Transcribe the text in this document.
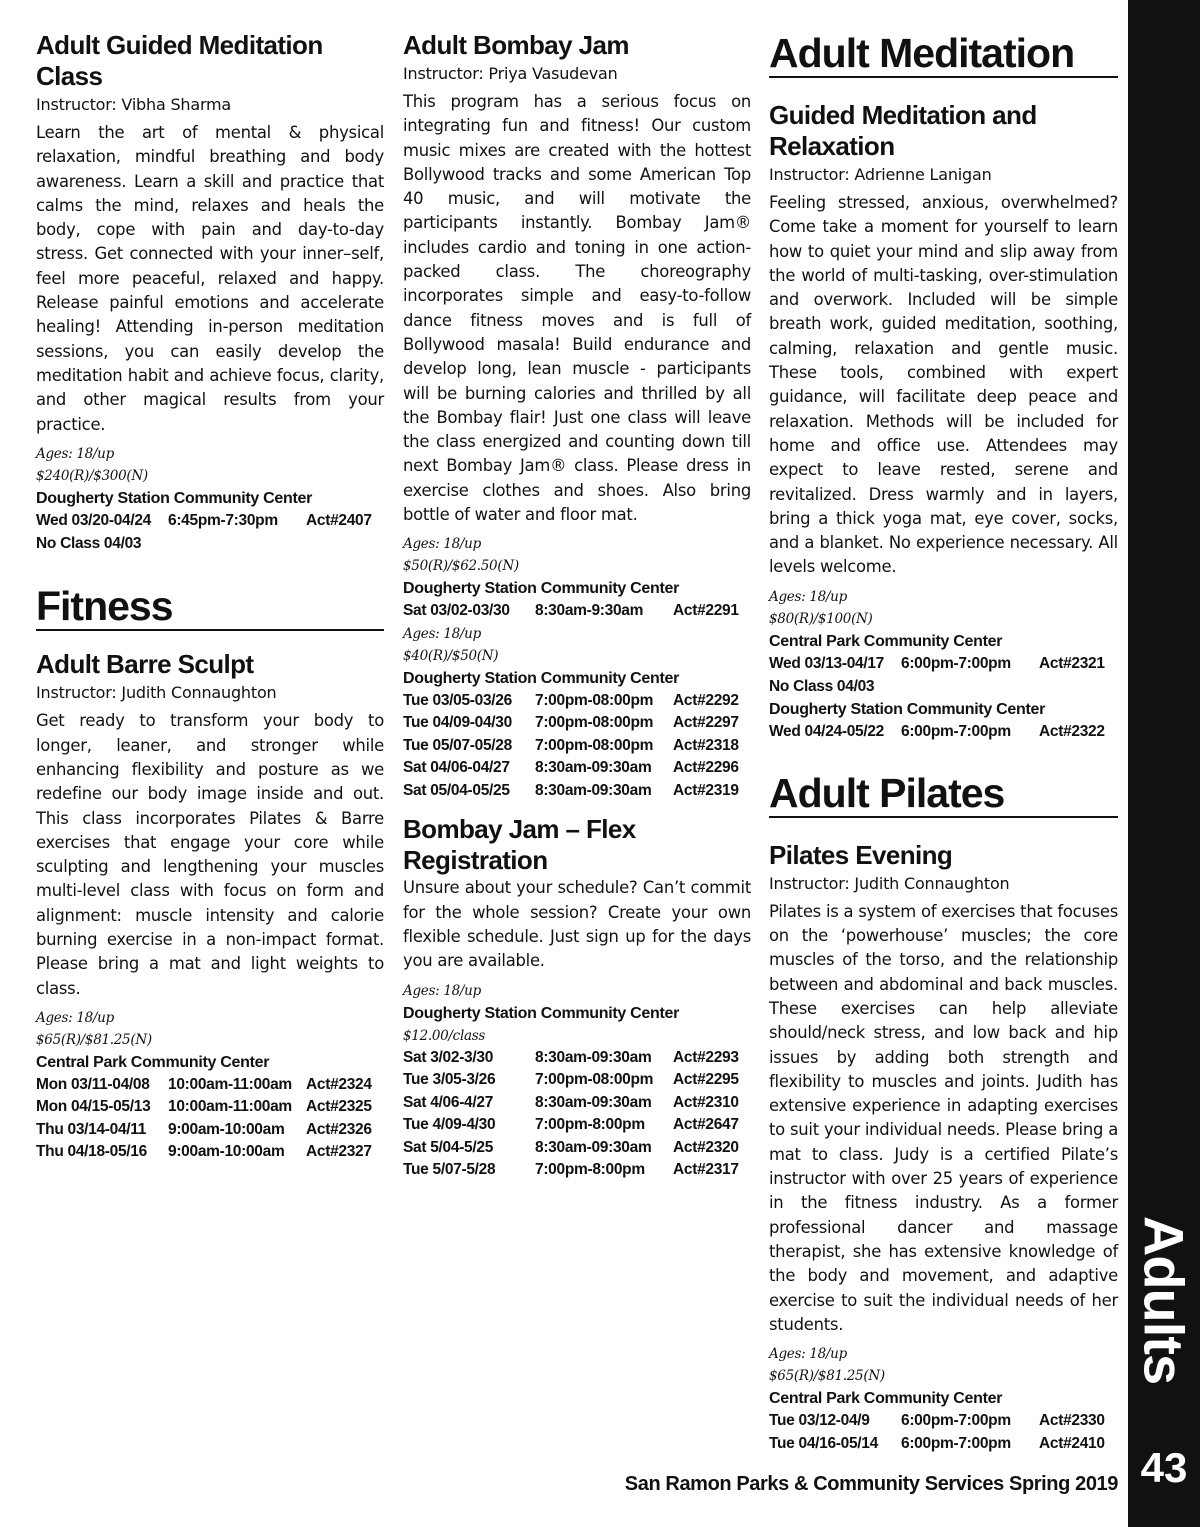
Adult Guided Meditation Class
Instructor: Vibha Sharma

Learn the art of mental & physical relaxation, mindful breathing and body awareness. Learn a skill and practice that calms the mind, relaxes and heals the body, cope with pain and day-to-day stress. Get connected with your inner–self, feel more peaceful, relaxed and happy. Release painful emotions and accelerate healing! Attending in-person meditation sessions, you can easily develop the meditation habit and achieve focus, clarity, and other magical results from your practice.

Ages: 18/up
$240(R)/$300(N)
Dougherty Station Community Center
Wed 03/20-04/24	6:45pm-7:30pm	Act#2407
No Class 04/03
Fitness
Adult Barre Sculpt
Instructor: Judith Connaughton

Get ready to transform your body to longer, leaner, and stronger while enhancing flexibility and posture as we redefine our body image inside and out. This class incorporates Pilates & Barre exercises that engage your core while sculpting and lengthening your muscles multi-level class with focus on form and alignment: muscle intensity and calorie burning exercise in a non-impact format. Please bring a mat and light weights to class.

Ages: 18/up
$65(R)/$81.25(N)
Central Park Community Center
Mon 03/11-04/08	10:00am-11:00am Act#2324
Mon 04/15-05/13	10:00am-11:00am Act#2325
Thu 03/14-04/11	9:00am-10:00am	Act#2326
Thu 04/18-05/16	9:00am-10:00am	Act#2327
Adult Bombay Jam
Instructor: Priya Vasudevan

This program has a serious focus on integrating fun and fitness! Our custom music mixes are created with the hottest Bollywood tracks and some American Top 40 music, and will motivate the participants instantly. Bombay Jam® includes cardio and toning in one action-packed class. The choreography incorporates simple and easy-to-follow dance fitness moves and is full of Bollywood masala! Build endurance and develop long, lean muscle - participants will be burning calories and thrilled by all the Bombay flair! Just one class will leave the class energized and counting down till next Bombay Jam® class. Please dress in exercise clothes and shoes. Also bring bottle of water and floor mat.

Ages: 18/up
$50(R)/$62.50(N)
Dougherty Station Community Center
Sat 03/02-03/30	8:30am-9:30am	Act#2291
Ages: 18/up
$40(R)/$50(N)
Dougherty Station Community Center
Tue 03/05-03/26	7:00pm-08:00pm	Act#2292
Tue 04/09-04/30	7:00pm-08:00pm	Act#2297
Tue 05/07-05/28	7:00pm-08:00pm	Act#2318
Sat 04/06-04/27	8:30am-09:30am	Act#2296
Sat 05/04-05/25	8:30am-09:30am	Act#2319
Bombay Jam – Flex Registration

Unsure about your schedule? Can’t commit for the whole session? Create your own flexible schedule. Just sign up for the days you are available.

Ages: 18/up
Dougherty Station Community Center
$12.00/class
Sat 3/02-3/30	8:30am-09:30am	Act#2293
Tue 3/05-3/26	7:00pm-08:00pm	Act#2295
Sat 4/06-4/27	8:30am-09:30am	Act#2310
Tue 4/09-4/30	7:00pm-8:00pm	Act#2647
Sat 5/04-5/25	8:30am-09:30am	Act#2320
Tue 5/07-5/28	7:00pm-8:00pm	Act#2317
Adult Meditation
Guided Meditation and Relaxation
Instructor: Adrienne Lanigan

Feeling stressed, anxious, overwhelmed? Come take a moment for yourself to learn how to quiet your mind and slip away from the world of multi-tasking, over-stimulation and overwork. Included will be simple breath work, guided meditation, soothing, calming, relaxation and gentle music. These tools, combined with expert guidance, will facilitate deep peace and relaxation. Methods will be included for home and office use. Attendees may expect to leave rested, serene and revitalized. Dress warmly and in layers, bring a thick yoga mat, eye cover, socks, and a blanket. No experience necessary. All levels welcome.

Ages: 18/up
$80(R)/$100(N)
Central Park Community Center
Wed 03/13-04/17	6:00pm-7:00pm	Act#2321
No Class 04/03
Dougherty Station Community Center
Wed 04/24-05/22	6:00pm-7:00pm	Act#2322
Adult Pilates
Pilates Evening
Instructor: Judith Connaughton

Pilates is a system of exercises that focuses on the ‘powerhouse’ muscles; the core muscles of the torso, and the relationship between and abdominal and back muscles. These exercises can help alleviate should/neck stress, and low back and hip issues by adding both strength and flexibility to muscles and joints. Judith has extensive experience in adapting exercises to suit your individual needs. Please bring a mat to class. Judy is a certified Pilate’s instructor with over 25 years of experience in the fitness industry. As a former professional dancer and massage therapist, she has extensive knowledge of the body and movement, and adaptive exercise to suit the individual needs of her students.

Ages: 18/up
$65(R)/$81.25(N)
Central Park Community Center
Tue 03/12-04/9	6:00pm-7:00pm	Act#2330
Tue 04/16-05/14	6:00pm-7:00pm	Act#2410
Adults
43
San Ramon Parks & Community Services Spring 2019
